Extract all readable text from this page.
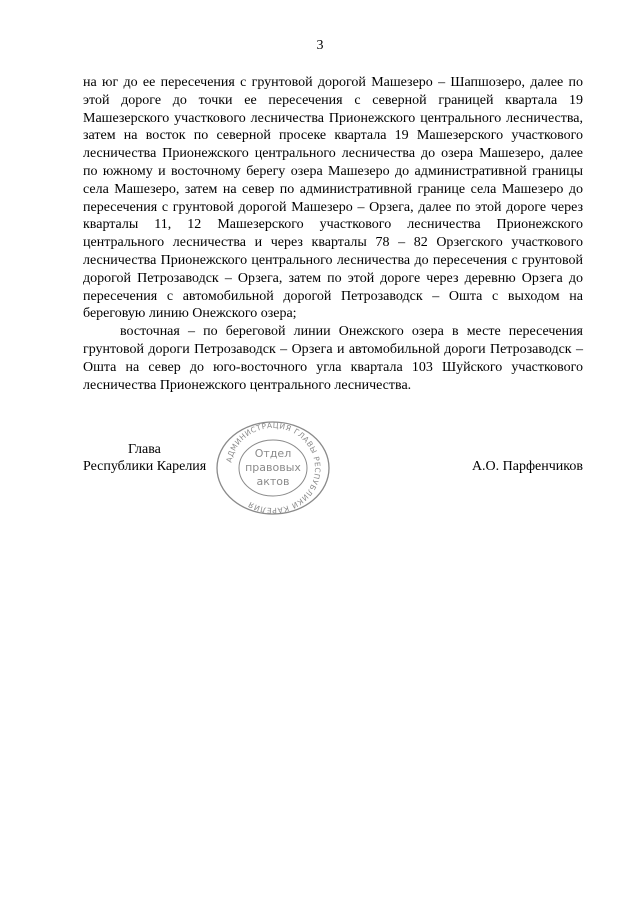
3

на юг до ее пересечения с грунтовой дорогой Машезеро – Шапшозеро, далее по этой дороге до точки ее пересечения с северной границей квартала 19 Машезерского участкового лесничества Прионежского центрального лесничества, затем на восток по северной просеке квартала 19 Машезерского участкового лесничества Прионежского центрального лесничества до озера Машезеро, далее по южному и восточному берегу озера Машезеро до административной границы села Машезеро, затем на север по административной границе села Машезеро до пересечения с грунтовой дорогой Машезеро – Орзега, далее по этой дороге через кварталы 11, 12 Машезерского участкового лесничества Прионежского центрального лесничества и через кварталы 78 – 82 Орзегского участкового лесничества Прионежского центрального лесничества до пересечения с грунтовой дорогой Петрозаводск – Орзега, затем по этой дороге через деревню Орзега до пересечения с автомобильной дорогой Петрозаводск – Ошта с выходом на береговую линию Онежского озера;

восточная – по береговой линии Онежского озера в месте пересечения грунтовой дороги Петрозаводск – Орзега и автомобильной дороги Петрозаводск – Ошта на север до юго-восточного угла квартала 103 Шуйского участкового лесничества Прионежского центрального лесничества.

Глава
Республики Карелия АДМИНИСТРАЦИЯ ГЛАВЫ РЕСПУБЛИКИ КАРЕЛИЯ
Отдел
правовых
актов
А.О. Парфенчиков
